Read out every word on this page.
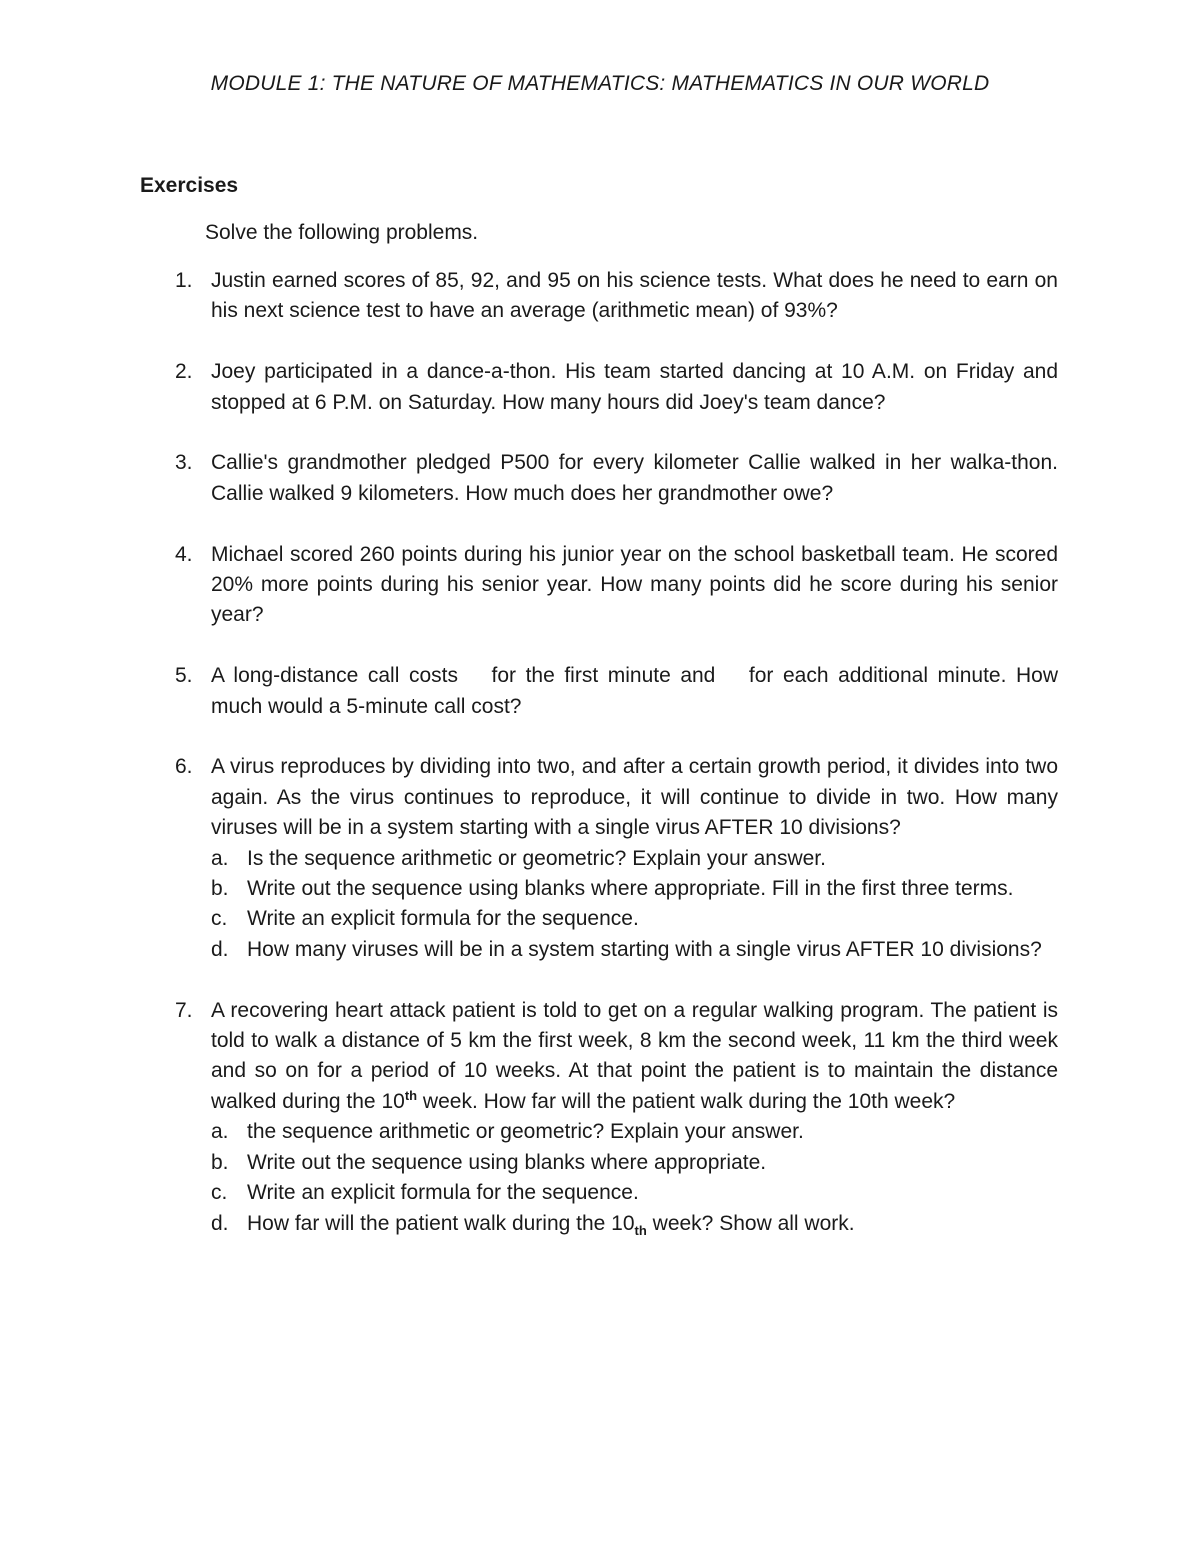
MODULE 1: THE NATURE OF MATHEMATICS: MATHEMATICS IN OUR WORLD
Exercises
Solve the following problems.
1. Justin earned scores of 85, 92, and 95 on his science tests. What does he need to earn on his next science test to have an average (arithmetic mean) of 93%?
2. Joey participated in a dance-a-thon. His team started dancing at 10 A.M. on Friday and stopped at 6 P.M. on Saturday. How many hours did Joey's team dance?
3. Callie's grandmother pledged P500 for every kilometer Callie walked in her walka-thon. Callie walked 9 kilometers. How much does her grandmother owe?
4. Michael scored 260 points during his junior year on the school basketball team. He scored 20% more points during his senior year. How many points did he score during his senior year?
5. A long-distance call costs for the first minute and for each additional minute. How much would a 5-minute call cost?
6. A virus reproduces by dividing into two, and after a certain growth period, it divides into two again. As the virus continues to reproduce, it will continue to divide in two. How many viruses will be in a system starting with a single virus AFTER 10 divisions?
a. Is the sequence arithmetic or geometric? Explain your answer.
b. Write out the sequence using blanks where appropriate. Fill in the first three terms.
c. Write an explicit formula for the sequence.
d. How many viruses will be in a system starting with a single virus AFTER 10 divisions?
7. A recovering heart attack patient is told to get on a regular walking program. The patient is told to walk a distance of 5 km the first week, 8 km the second week, 11 km the third week and so on for a period of 10 weeks. At that point the patient is to maintain the distance walked during the 10th week. How far will the patient walk during the 10th week?
a. the sequence arithmetic or geometric? Explain your answer.
b. Write out the sequence using blanks where appropriate.
c. Write an explicit formula for the sequence.
d. How far will the patient walk during the $10_{th}$ week? Show all work.
